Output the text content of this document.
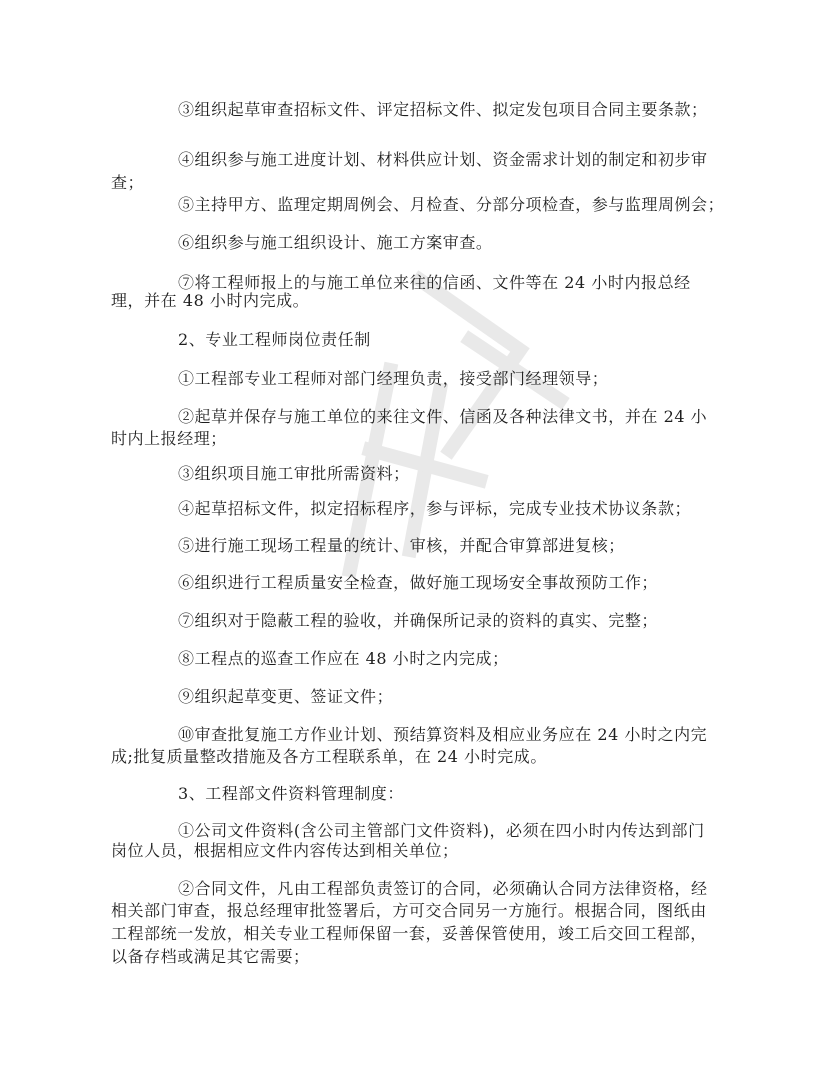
③组织起草审查招标文件、评定招标文件、拟定发包项目合同主要条款；
④组织参与施工进度计划、材料供应计划、资金需求计划的制定和初步审
查；
⑤主持甲方、监理定期周例会、月检查、分部分项检查，参与监理周例会；
⑥组织参与施工组织设计、施工方案审查。
⑦将工程师报上的与施工单位来往的信函、文件等在 24 小时内报总经
理，并在 48 小时内完成。
2、专业工程师岗位责任制
①工程部专业工程师对部门经理负责，接受部门经理领导；
②起草并保存与施工单位的来往文件、信函及各种法律文书，并在 24 小
时内上报经理；
③组织项目施工审批所需资料；
④起草招标文件，拟定招标程序，参与评标，完成专业技术协议条款；
⑤进行施工现场工程量的统计、审核，并配合审算部进复核；
⑥组织进行工程质量安全检查，做好施工现场安全事故预防工作；
⑦组织对于隐蔽工程的验收，并确保所记录的资料的真实、完整；
⑧工程点的巡查工作应在 48 小时之内完成；
⑨组织起草变更、签证文件；
⑩审查批复施工方作业计划、预结算资料及相应业务应在 24 小时之内完
成;批复质量整改措施及各方工程联系单，在 24 小时完成。
3、工程部文件资料管理制度：
①公司文件资料(含公司主管部门文件资料)，必须在四小时内传达到部门
岗位人员，根据相应文件内容传达到相关单位；
②合同文件，凡由工程部负责签订的合同，必须确认合同方法律资格，经
相关部门审查，报总经理审批签署后，方可交合同另一方施行。根据合同，图纸由
工程部统一发放，相关专业工程师保留一套，妥善保管使用，竣工后交回工程部，
以备存档或满足其它需要；
